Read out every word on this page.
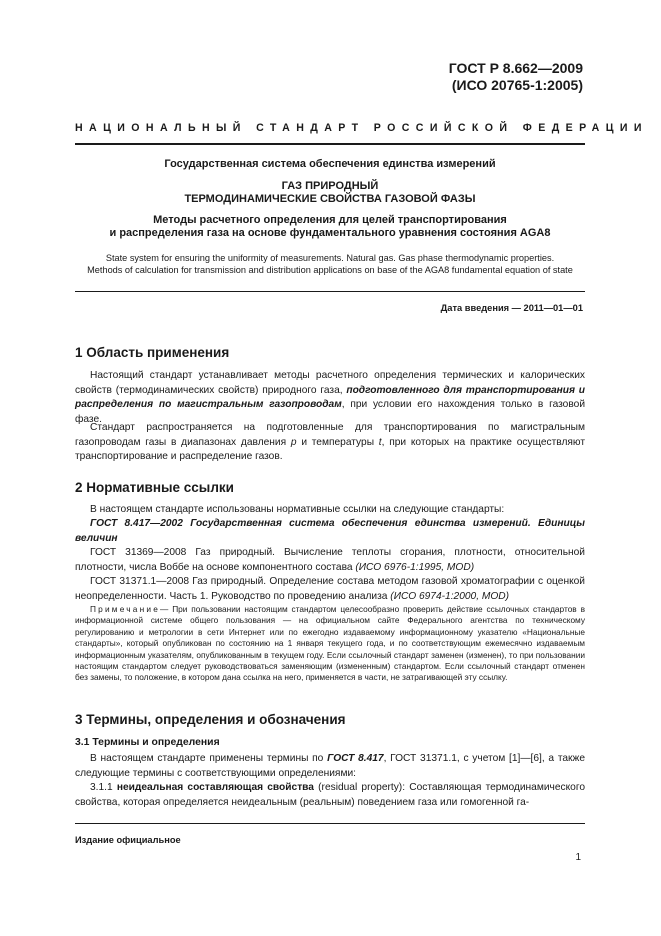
ГОСТ Р 8.662—2009
(ИСО 20765-1:2005)
НАЦИОНАЛЬНЫЙ СТАНДАРТ РОССИЙСКОЙ ФЕДЕРАЦИИ
Государственная система обеспечения единства измерений
ГАЗ ПРИРОДНЫЙ
ТЕРМОДИНАМИЧЕСКИЕ СВОЙСТВА ГАЗОВОЙ ФАЗЫ
Методы расчетного определения для целей транспортирования
и распределения газа на основе фундаментального уравнения состояния AGA8
State system for ensuring the uniformity of measurements. Natural gas. Gas phase thermodynamic properties.
Methods of calculation for transmission and distribution applications on base of the AGA8 fundamental equation of state
Дата введения — 2011—01—01
1 Область применения
Настоящий стандарт устанавливает методы расчетного определения термических и калорических свойств (термодинамических свойств) природного газа, подготовленного для транспортирования и распределения по магистральным газопроводам, при условии его нахождения только в газовой фазе.
Стандарт распространяется на подготовленные для транспортирования по магистральным газопроводам газы в диапазонах давления p и температуры t, при которых на практике осуществляют транспортирование и распределение газов.
2 Нормативные ссылки
В настоящем стандарте использованы нормативные ссылки на следующие стандарты:
ГОСТ 8.417—2002 Государственная система обеспечения единства измерений. Единицы величин
ГОСТ 31369—2008 Газ природный. Вычисление теплоты сгорания, плотности, относительной плотности, числа Воббе на основе компонентного состава (ИСО 6976-1:1995, MOD)
ГОСТ 31371.1—2008 Газ природный. Определение состава методом газовой хроматографии с оценкой неопределенности. Часть 1. Руководство по проведению анализа (ИСО 6974-1:2000, MOD)
Примечание— При пользовании настоящим стандартом целесообразно проверить действие ссылочных стандартов в информационной системе общего пользования — на официальном сайте Федерального агентства по техническому регулированию и метрологии в сети Интернет или по ежегодно издаваемому информационному указателю «Национальные стандарты», который опубликован по состоянию на 1 января текущего года, и по соответствующим ежемесячно издаваемым информационным указателям, опубликованным в текущем году. Если ссылочный стандарт заменен (изменен), то при пользовании настоящим стандартом следует руководствоваться заменяющим (измененным) стандартом. Если ссылочный стандарт отменен без замены, то положение, в котором дана ссылка на него, применяется в части, не затрагивающей эту ссылку.
3 Термины, определения и обозначения
3.1 Термины и определения
В настоящем стандарте применены термины по ГОСТ 8.417, ГОСТ 31371.1, с учетом [1]—[6], а также следующие термины с соответствующими определениями:
3.1.1 неидеальная составляющая свойства (residual property): Составляющая термодинамического свойства, которая определяется неидеальным (реальным) поведением газа или гомогенной га-
Издание официальное
1
